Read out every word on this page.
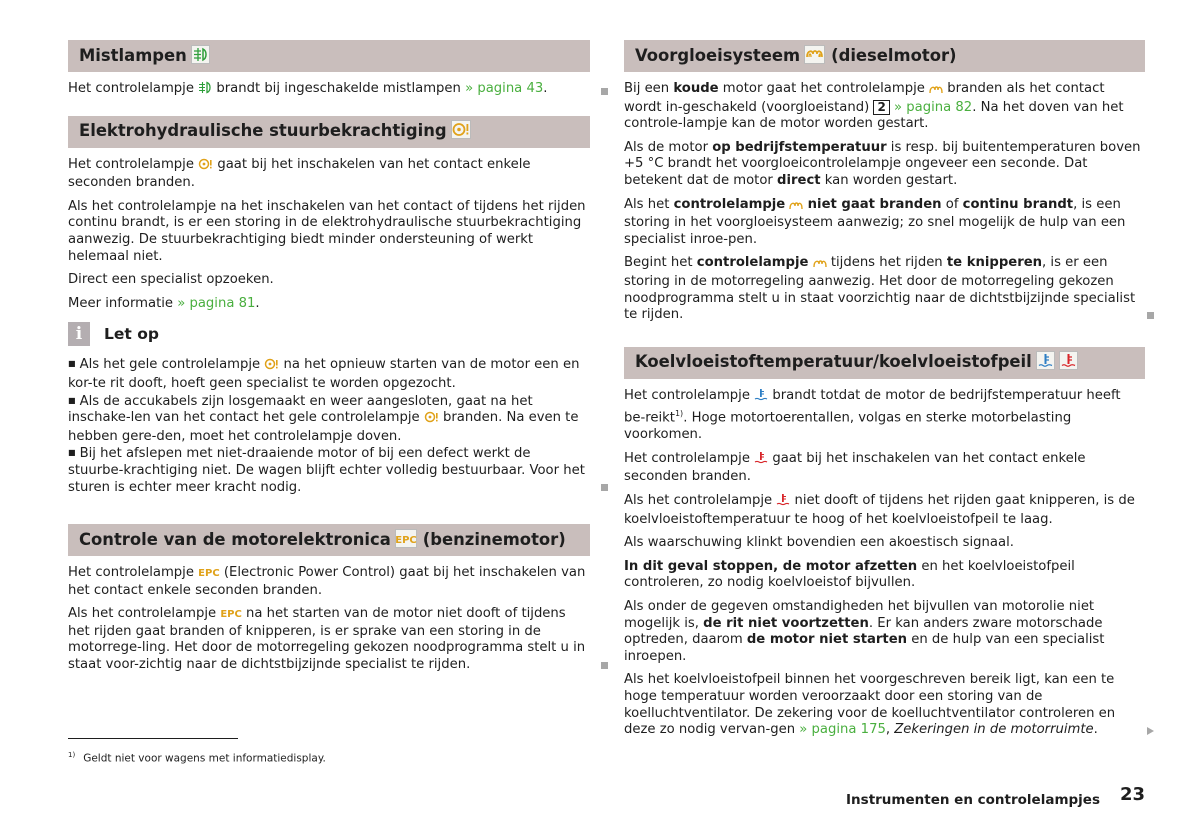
Mistlampen

Het controlelampje  brandt bij ingeschakelde mistlampen » pagina 43.

Elektrohydraulische stuurbekrachtiging

Het controlelampje  gaat bij het inschakelen van het contact enkele seconden branden.

Als het controlelampje na het inschakelen van het contact of tijdens het rijden continu brandt, is er een storing in de elektrohydraulische stuurbekrachtiging aanwezig. De stuurbekrachtiging biedt minder ondersteuning of werkt helemaal niet.

Direct een specialist opzoeken.

Meer informatie » pagina 81.

i	Let op

■ Als het gele controlelampje  na het opnieuw starten van de motor een en kor-te rit dooft, hoeft geen specialist te worden opgezocht.

■ Als de accukabels zijn losgemaakt en weer aangesloten, gaat na het inschake-len van het contact het gele controlelampje  branden. Na even te hebben gere-den, moet het controlelampje doven.

■ Bij het afslepen met niet-draaiende motor of bij een defect werkt de stuurbe-krachtiging niet. De wagen blijft echter volledig bestuurbaar. Voor het sturen is echter meer kracht nodig.

Controle van de motorelektronica EPC (benzinemotor)

Het controlelampje EPC (Electronic Power Control) gaat bij het inschakelen van het contact enkele seconden branden.

Als het controlelampje EPC na het starten van de motor niet dooft of tijdens het rijden gaat branden of knipperen, is er sprake van een storing in de motorrege-ling. Het door de motorregeling gekozen noodprogramma stelt u in staat voor-zichtig naar de dichtstbijzijnde specialist te rijden.

Voorgloeisysteem (dieselmotor)

Bij een koude motor gaat het controlelampje  branden als het contact wordt in-geschakeld (voorgloeistand) 2 » pagina 82. Na het doven van het controle-lampje kan de motor worden gestart.

Als de motor op bedrijfstemperatuur is resp. bij buitentemperaturen boven +5 °C brandt het voorgloeicontrolelampje ongeveer een seconde. Dat betekent dat de motor direct kan worden gestart.

Als het controlelampje niet gaat branden of continu brandt, is een storing in het voorgloeisysteem aanwezig; zo snel mogelijk de hulp van een specialist inroe-pen.

Begint het controlelampje  tijdens het rijden te knipperen, is er een storing in de motorregeling aanwezig. Het door de motorregeling gekozen noodprogramma stelt u in staat voorzichtig naar de dichtstbijzijnde specialist te rijden.

Koelvloeistoftemperatuur/koelvloeistofpeil

Het controlelampje  brandt totdat de motor de bedrijfstemperatuur heeft be-reikt$^{1)}$. Hoge motortoerentallen, volgas en sterke motorbelasting voorkomen.

Het controlelampje  gaat bij het inschakelen van het contact enkele seconden branden.

Als het controlelampje  niet dooft of tijdens het rijden gaat knipperen, is de koelvloeistoftemperatuur te hoog of het koelvloeistofpeil te laag.

Als waarschuwing klinkt bovendien een akoestisch signaal.

In dit geval stoppen, de motor afzetten en het koelvloeistofpeil controleren, zo nodig koelvloeistof bijvullen.

Als onder de gegeven omstandigheden het bijvullen van motorolie niet mogelijk is, de rit niet voortzetten. Er kan anders zware motorschade optreden, daarom de motor niet starten en de hulp van een specialist inroepen.

Als het koelvloeistofpeil binnen het voorgeschreven bereik ligt, kan een te hoge temperatuur worden veroorzaakt door een storing van de koelluchtventilator. De zekering voor de koelluchtventilator controleren en deze zo nodig vervan-gen » pagina 175, Zekeringen in de motorruimte.

$^{1)}$ Geldt niet voor wagens met informatiedisplay.
Instrumenten en controlelampjes 23
